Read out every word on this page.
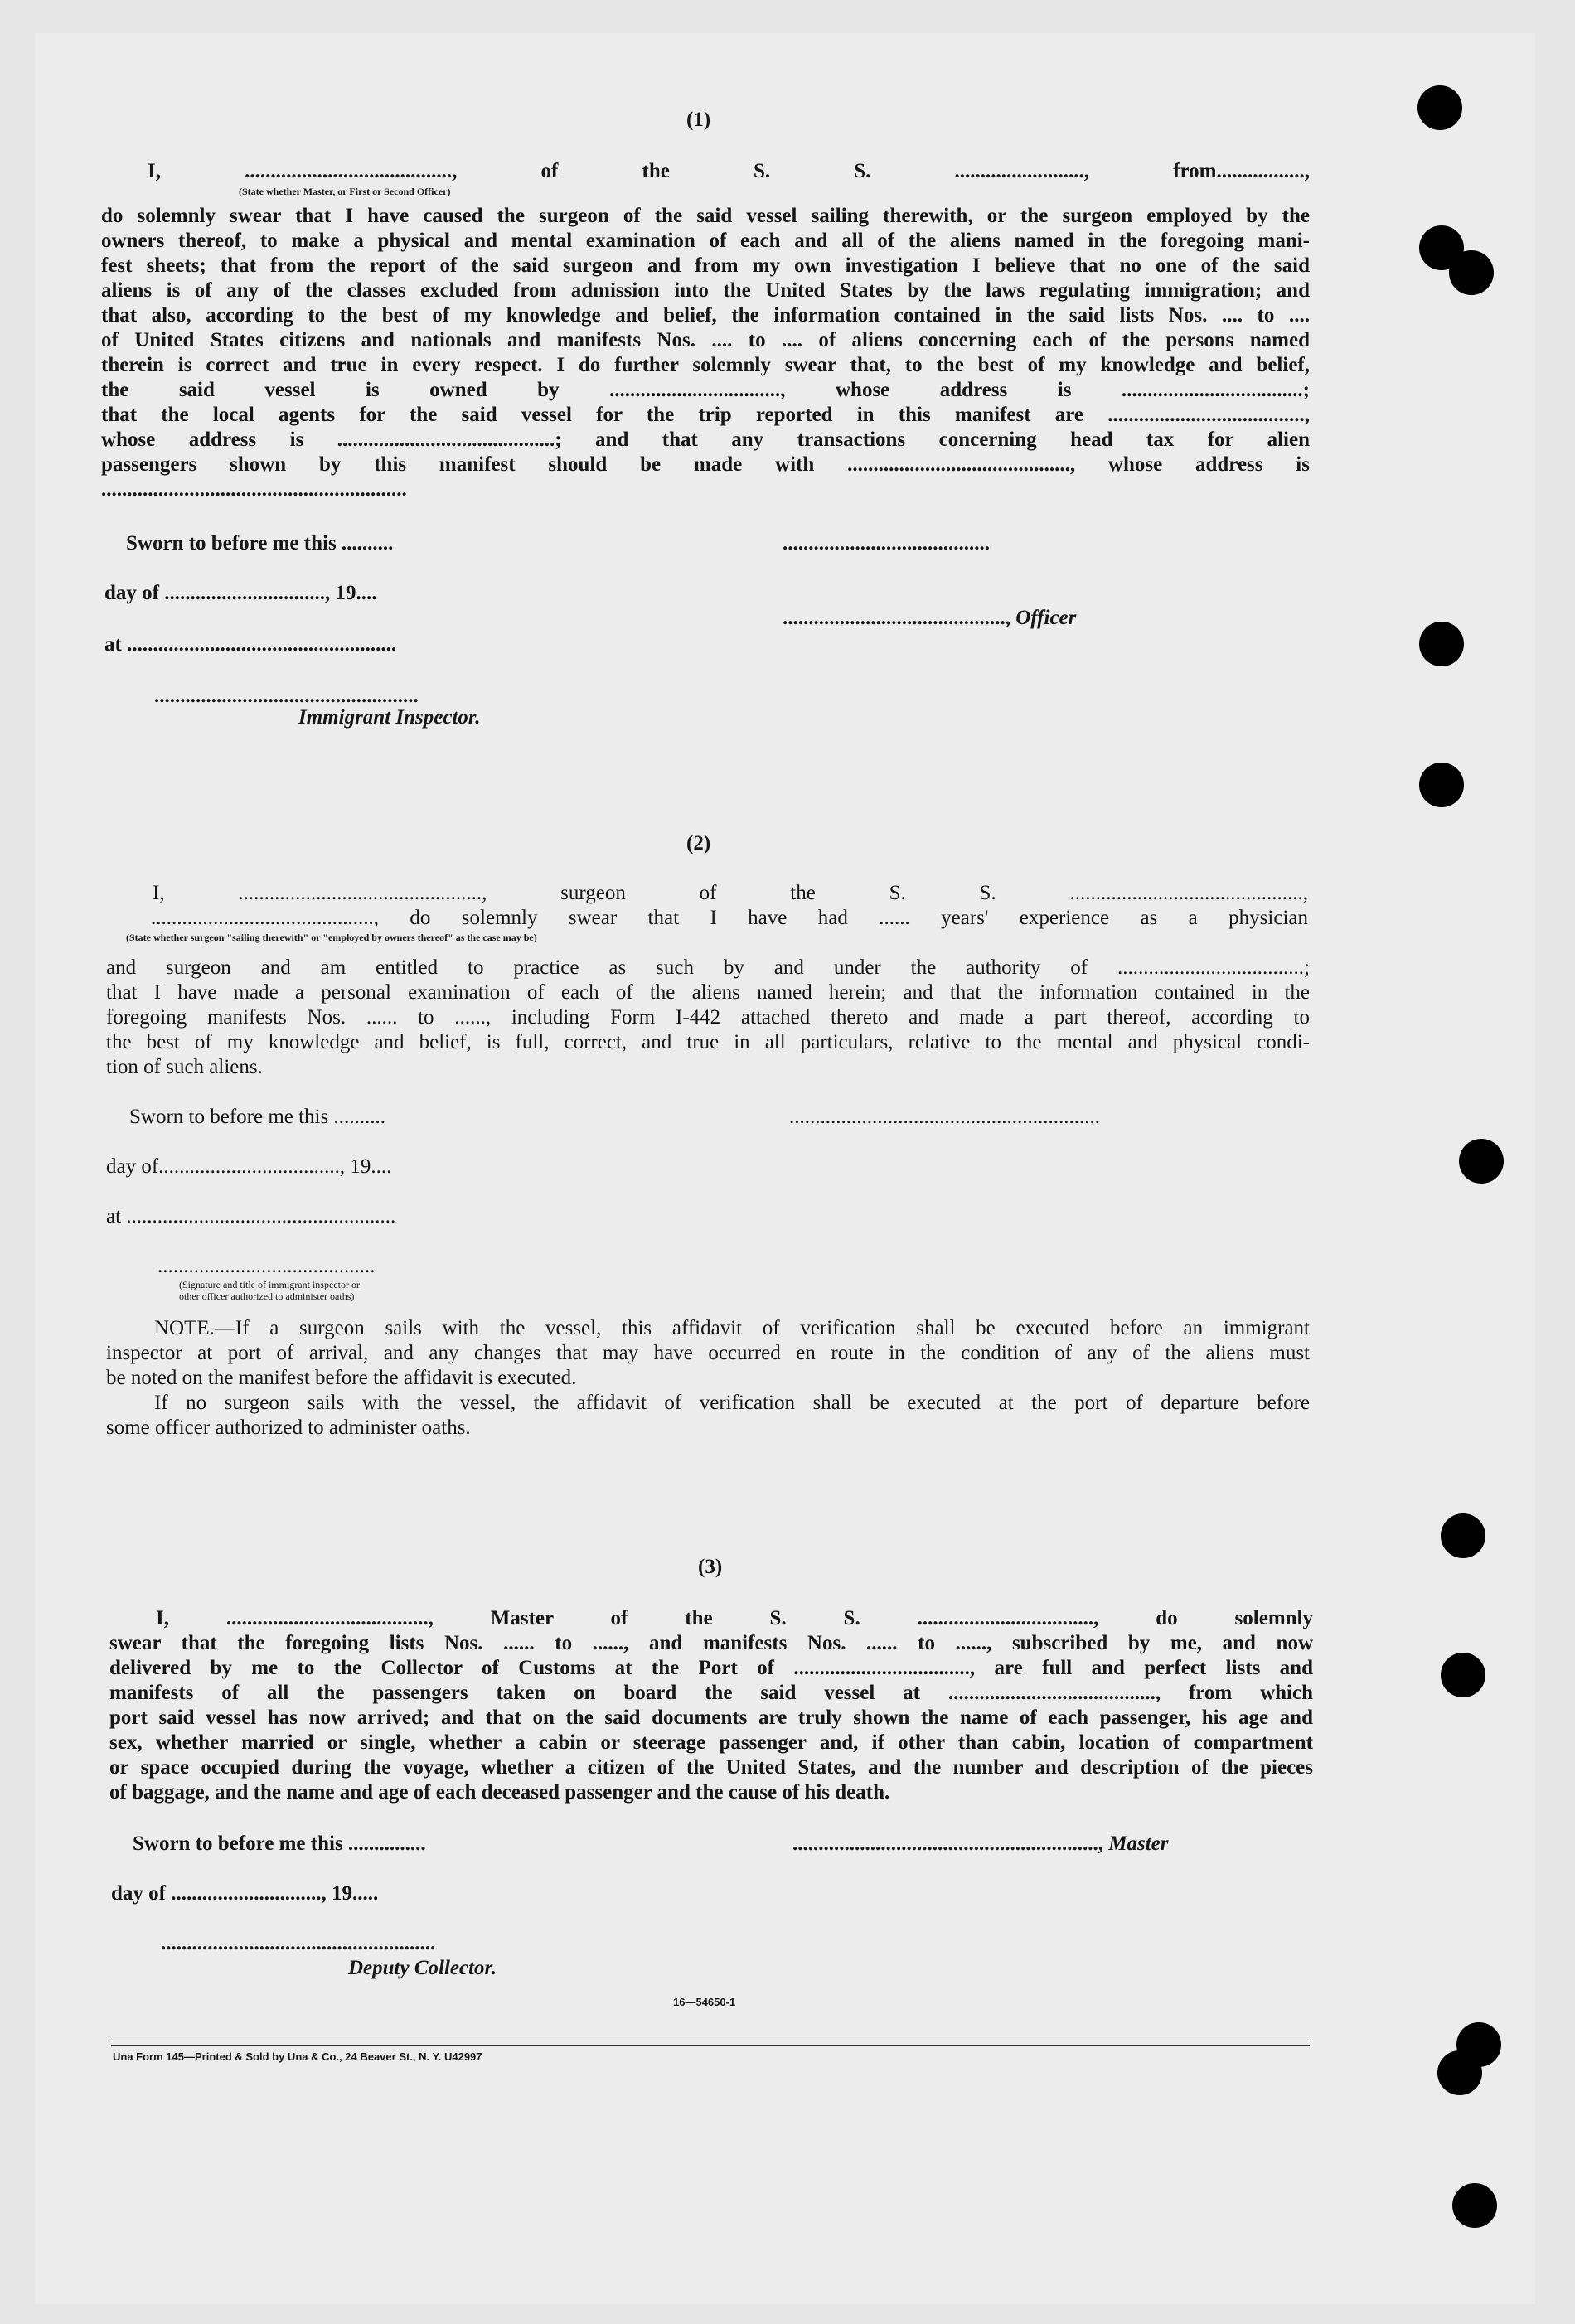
(1)
I, ........................................, of the S. S. ........................., from.................,
(State whether Master, or First or Second Officer)
do solemnly swear that I have caused the surgeon of the said vessel sailing therewith, or the surgeon employed by the
owners thereof, to make a physical and mental examination of each and all of the aliens named in the foregoing mani-
fest sheets; that from the report of the said surgeon and from my own investigation I believe that no one of the said
aliens is of any of the classes excluded from admission into the United States by the laws regulating immigration; and
that also, according to the best of my knowledge and belief, the information contained in the said lists Nos. .... to ....
of United States citizens and nationals and manifests Nos. .... to .... of aliens concerning each of the persons named
therein is correct and true in every respect. I do further solemnly swear that, to the best of my knowledge and belief,
the said vessel is owned by ................................., whose address is ...................................;
that the local agents for the said vessel for the trip reported in this manifest are ......................................,
whose address is ..........................................; and that any transactions concerning head tax for alien
passengers shown by this manifest should be made with ..........................................., whose address is
...........................................................
Sworn to before me this ..........	........................................
day of ..............................., 19....
..........................................., Officer
at ....................................................
...................................................
Immigrant Inspector.
(2)
I, ..............................................., surgeon of the S. S. .............................................,
..........................................., do solemnly swear that I have had ...... years' experience as a physician
(State whether surgeon "sailing therewith" or "employed by owners thereof" as the case may be)
and surgeon and am entitled to practice as such by and under the authority of ....................................;
that I have made a personal examination of each of the aliens named herein; and that the information contained in the
foregoing manifests Nos. ...... to ......, including Form I-442 attached thereto and made a part thereof, according to
the best of my knowledge and belief, is full, correct, and true in all particulars, relative to the mental and physical condi-
tion of such aliens.
Sworn to before me this ..........	............................................................
day of..................................., 19....
at ....................................................
..........................................
(Signature and title of immigrant inspector or
other officer authorized to administer oaths)
NOTE.—If a surgeon sails with the vessel, this affidavit of verification shall be executed before an immigrant
inspector at port of arrival, and any changes that may have occurred en route in the condition of any of the aliens must
be noted on the manifest before the affidavit is executed.
If no surgeon sails with the vessel, the affidavit of verification shall be executed at the port of departure before
some officer authorized to administer oaths.
(3)
I, ......................................., Master of the S. S. .................................., do solemnly
swear that the foregoing lists Nos. ...... to ......, and manifests Nos. ...... to ......, subscribed by me, and now
delivered by me to the Collector of Customs at the Port of .................................., are full and perfect lists and
manifests of all the passengers taken on board the said vessel at ........................................, from which
port said vessel has now arrived; and that on the said documents are truly shown the name of each passenger, his age and
sex, whether married or single, whether a cabin or steerage passenger and, if other than cabin, location of compartment
or space occupied during the voyage, whether a citizen of the United States, and the number and description of the pieces
of baggage, and the name and age of each deceased passenger and the cause of his death.
Sworn to before me this ...............	..........................................................., Master
day of ............................., 19.....
.....................................................
Deputy Collector.
16—54650-1
Una Form 145—Printed & Sold by Una & Co., 24 Beaver St., N. Y. U42997
